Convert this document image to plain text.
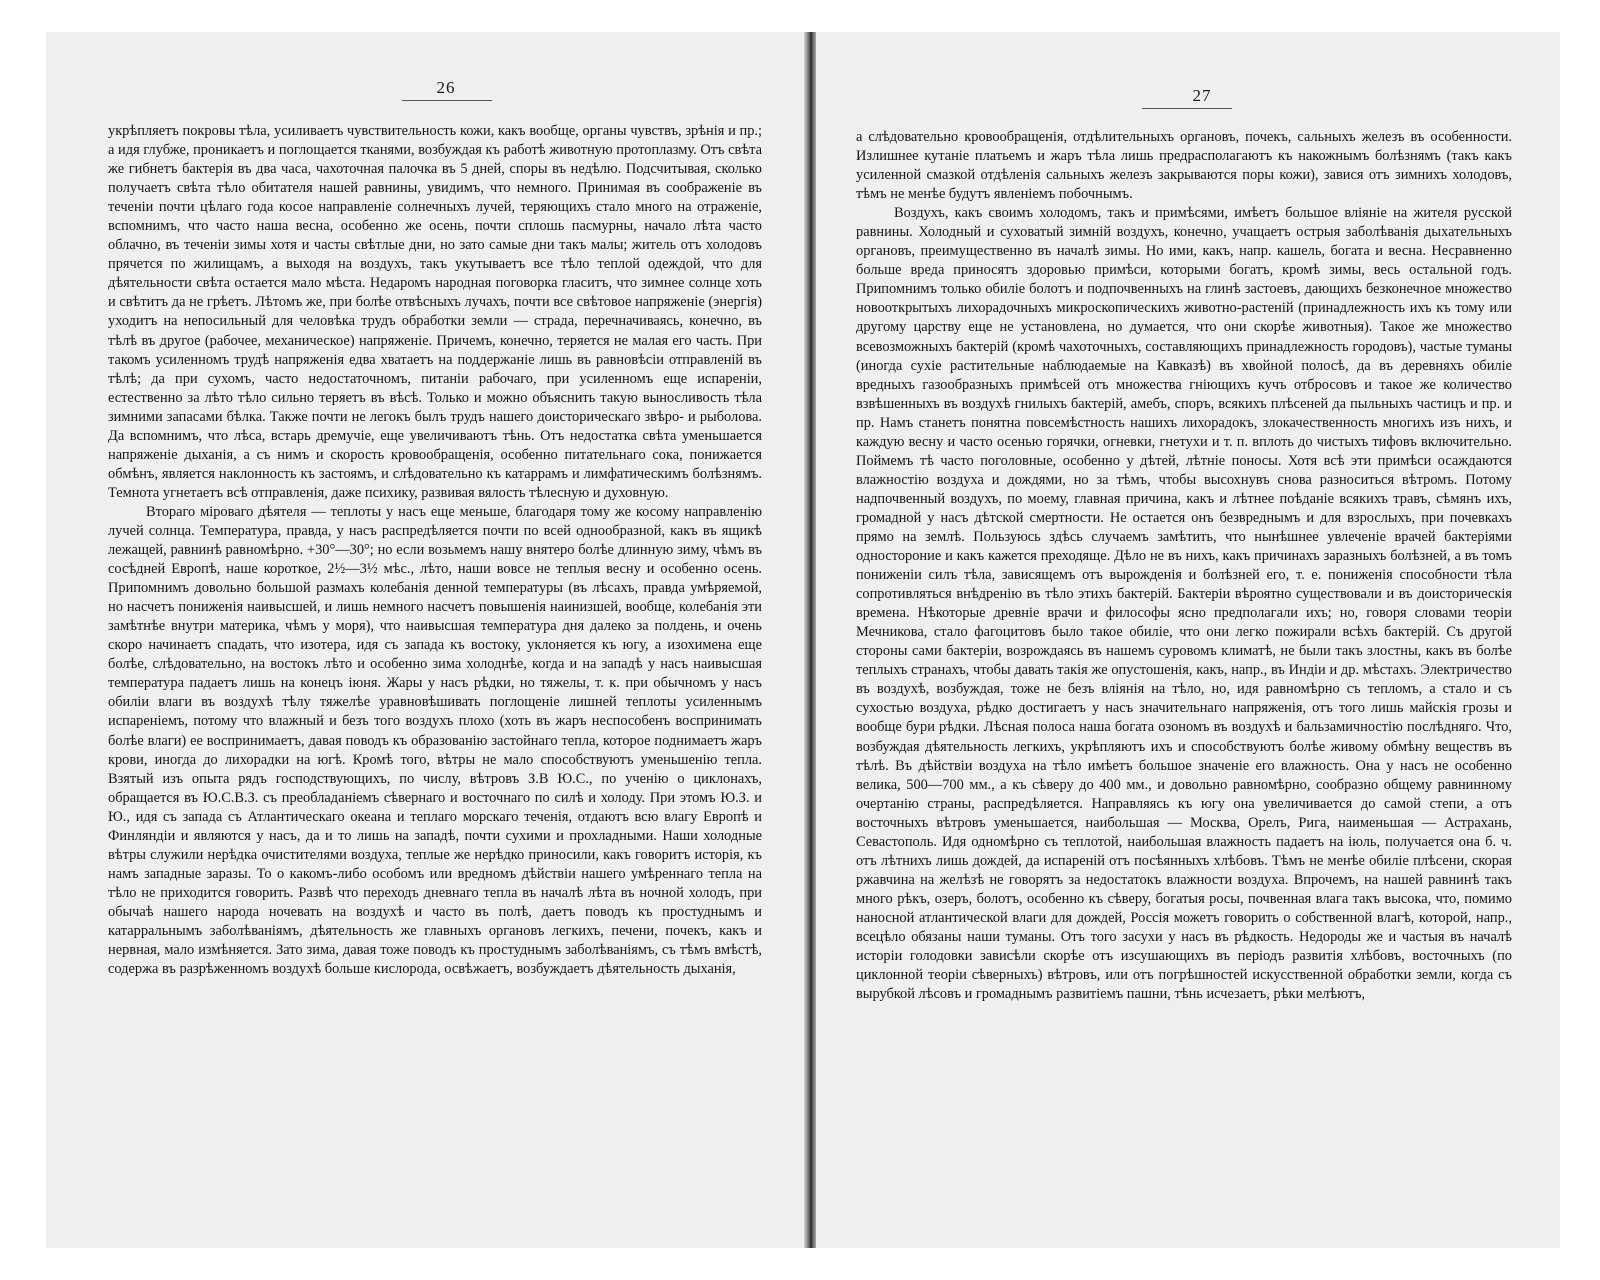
26

укрѣпляетъ покровы тѣла, усиливаетъ чувствительность кожи, какъ вообще, органы чувствъ, зрѣнія и пр.; а идя глубже, проникаетъ и поглощается тканями, возбуждая къ работѣ животную протоплазму. Отъ свѣта же гибнетъ бактерія въ два часа, чахоточная палочка въ 5 дней, споры въ недѣлю. Подсчитывая, сколько получаетъ свѣта тѣло обитателя нашей равнины, увидимъ, что немного. Принимая въ соображеніе въ теченіи почти цѣлаго года косое направленіе солнечныхъ лучей, теряющихъ стало много на отраженіе, вспомнимъ, что часто наша весна, особенно же осень, почти сплошь пасмурны, начало лѣта часто облачно, въ теченіи зимы хотя и часты свѣтлые дни, но зато самые дни такъ малы; житель отъ холодовъ прячется по жилищамъ, а выходя на воздухъ, такъ укутываетъ все тѣло теплой одеждой, что для дѣятельности свѣта остается мало мѣста. Недаромъ народная поговорка гласитъ, что зимнее солнце хоть и свѣтитъ да не грѣетъ. Лѣтомъ же, при болѣе отвѣсныхъ лучахъ, почти все свѣтовое напряженіе (энергія) уходитъ на непосильный для человѣка трудъ обработки земли — страда, перечначиваясь, конечно, въ тѣлѣ въ другое (рабочее, механическое) напряженіе. Причемъ, конечно, теряется не малая его часть. При такомъ усиленномъ трудѣ напряженія едва хватаетъ на поддержаніе лишь въ равновѣсіи отправленій въ тѣлѣ; да при сухомъ, часто недостаточномъ, питаніи рабочаго, при усиленномъ еще испареніи, естественно за лѣто тѣло сильно теряетъ въ вѣсѣ. Только и можно объяснить такую выносливость тѣла зимними запасами бѣлка. Также почти не легокъ былъ трудъ нашего доисторическаго звѣро- и рыболова. Да вспомнимъ, что лѣса, встарь дремучіе, еще увеличиваютъ тѣнь. Отъ недостатка свѣта уменьшается напряженіе дыханія, а съ нимъ и скорость кровообращенія, особенно питательнаго сока, понижается обмѣнъ, является наклонность къ застоямъ, и слѣдовательно къ катаррамъ и лимфатическимъ болѣзнямъ. Темнота угнетаетъ всѣ отправленія, даже психику, развивая вялость тѣлесную и духовную.

Втораго міроваго дѣятеля — теплоты у насъ еще меньше, благодаря тому же косому направленію лучей солнца. Температура, правда, у насъ распредѣляется почти по всей однообразной, какъ въ ящикѣ лежащей, равнинѣ равномѣрно. +30°—30°; но если возьмемъ нашу внятеро болѣе длинную зиму, чѣмъ въ сосѣдней Европѣ, наше короткое, 2½—3½ мѣс., лѣто, наши вовсе не теплыя весну и особенно осень. Припомнимъ довольно большой размахъ колебанія денной температуры (въ лѣсахъ, правда умѣряемой, но насчетъ пониженія наивысшей, и лишь немного насчетъ повышенія наинизшей, вообще, колебанія эти замѣтнѣе внутри материка, чѣмъ у моря), что наивысшая температура дня далеко за полдень, и очень скоро начинаетъ спадать, что изотера, идя съ запада къ востоку, уклоняется къ югу, а изохимена еще болѣе, слѣдовательно, на востокъ лѣто и особенно зима холоднѣе, когда и на западѣ у насъ наивысшая температура падаетъ лишь на конецъ іюня. Жары у насъ рѣдки, но тяжелы, т. к. при обычномъ у насъ обиліи влаги въ воздухѣ тѣлу тяжелѣе уравновѣшивать поглощеніе лишней теплоты усиленнымъ испареніемъ, потому что влажный и безъ того воздухъ плохо (хоть въ жаръ неспособенъ воспринимать болѣе влаги) ее воспринимаетъ, давая поводъ къ образованію застойнаго тепла, которое поднимаетъ жаръ крови, иногда до лихорадки на югѣ. Кромѣ того, вѣтры не мало способствуютъ уменьшенію тепла. Взятый изъ опыта рядъ господствующихъ, по числу, вѣтровъ З.В Ю.С., по ученію о циклонахъ, обращается въ Ю.С.В.З. съ преобладаніемъ сѣвернаго и восточнаго по силѣ и холоду. При этомъ Ю.З. и Ю., идя съ запада съ Атлантическаго океана и теплаго морскаго теченія, отдаютъ всю влагу Европѣ и Финляндіи и являются у насъ, да и то лишь на западѣ, почти сухими и прохладными. Наши холодные вѣтры служили нерѣдка очистителями воздуха, теплые же нерѣдко приносили, какъ говоритъ исторія, къ намъ западные заразы. То о какомъ-либо особомъ или вредномъ дѣйствіи нашего умѣреннаго тепла на тѣло не приходится говорить. Развѣ что переходъ дневнаго тепла въ началѣ лѣта въ ночной холодъ, при обычаѣ нашего народа ночевать на воздухѣ и часто въ полѣ, даетъ поводъ къ простуднымъ и катарральнымъ заболѣваніямъ, дѣятельность же главныхъ органовъ легкихъ, печени, почекъ, какъ и нервная, мало измѣняется. Зато зима, давая тоже поводъ къ простуднымъ заболѣваніямъ, съ тѣмъ вмѣстѣ, содержа въ разрѣженномъ воздухѣ больше кислорода, освѣжаетъ, возбуждаетъ дѣятельность дыханія,

27

а слѣдовательно кровообращенія, отдѣлительныхъ органовъ, почекъ, сальныхъ железъ въ особенности. Излишнее кутаніе платьемъ и жаръ тѣла лишь предрасполагаютъ къ накожнымъ болѣзнямъ (такъ какъ усиленной смазкой отдѣленія сальныхъ железъ закрываются поры кожи), завися отъ зимнихъ холодовъ, тѣмъ не менѣе будутъ явленіемъ побочнымъ.

Воздухъ, какъ своимъ холодомъ, такъ и примѣсями, имѣетъ большое вліяніе на жителя русской равнины. Холодный и суховатый зимній воздухъ, конечно, учащаетъ острыя заболѣванія дыхательныхъ органовъ, преимущественно въ началѣ зимы. Но ими, какъ, напр. кашель, богата и весна. Несравненно больше вреда приносятъ здоровью примѣси, которыми богатъ, кромѣ зимы, весь остальной годъ. Припомнимъ только обиліе болотъ и подпочвенныхъ на глинѣ застоевъ, дающихъ безконечное множество новооткрытыхъ лихорадочныхъ микроскопическихъ животно-растеній (принадлежность ихъ къ тому или другому царству еще не установлена, но думается, что они скорѣе животныя). Такое же множество всевозможныхъ бактерій (кромѣ чахоточныхъ, составляющихъ принадлежность городовъ), частые туманы (иногда сухіе растительные наблюдаемые на Кавказѣ) въ хвойной полосѣ, да въ деревняхъ обиліе вредныхъ газообразныхъ примѣсей отъ множества гніющихъ кучъ отбросовъ и такое же количество взвѣшенныхъ въ воздухѣ гнилыхъ бактерій, амебъ, споръ, всякихъ плѣсеней да пыльныхъ частицъ и пр. и пр. Намъ станетъ понятна повсемѣстность нашихъ лихорадокъ, злокачественность многихъ изъ нихъ, и каждую весну и часто осенью горячки, огневки, гнетухи и т. п. вплоть до чистыхъ тифовъ включительно. Поймемъ тѣ часто поголовные, особенно у дѣтей, лѣтніе поносы. Хотя всѣ эти примѣси осаждаются влажностію воздуха и дождями, но за тѣмъ, чтобы высохнувъ снова разноситься вѣтромъ. Потому надпочвенный воздухъ, по моему, главная причина, какъ и лѣтнее поѣданіе всякихъ травъ, сѣмянъ ихъ, громадной у насъ дѣтской смертности. Не остается онъ безвреднымъ и для взрослыхъ, при почевкахъ прямо на землѣ. Пользуюсь здѣсь случаемъ замѣтить, что нынѣшнее увлеченіе врачей бактеріями одностороние и какъ кажется преходяще. Дѣло не въ нихъ, какъ причинахъ заразныхъ болѣзней, а въ томъ пониженіи силъ тѣла, зависящемъ отъ вырожденія и болѣзней его, т. е. пониженія способности тѣла сопротивляться внѣдренію въ тѣло этихъ бактерій. Бактеріи вѣроятно существовали и въ доисторическія времена. Нѣкоторые древніе врачи и философы ясно предполагали ихъ; но, говоря словами теоріи Мечникова, стало фагоцитовъ было такое обиліе, что они легко пожирали всѣхъ бактерій. Съ другой стороны сами бактеріи, возрождаясь въ нашемъ суровомъ климатѣ, не были такъ злостны, какъ въ болѣе теплыхъ странахъ, чтобы давать такія же опустошенія, какъ, напр., въ Индіи и др. мѣстахъ. Электричество въ воздухѣ, возбуждая, тоже не безъ вліянія на тѣло, но, идя равномѣрно съ тепломъ, а стало и съ сухостью воздуха, рѣдко достигаетъ у насъ значительнаго напряженія, отъ того лишь майскія грозы и вообще бури рѣдки. Лѣсная полоса наша богата озономъ въ воздухѣ и бальзамичностію послѣдняго. Что, возбуждая дѣятельность легкихъ, укрѣпляютъ ихъ и способствуютъ болѣе живому обмѣну веществъ въ тѣлѣ. Въ дѣйствіи воздуха на тѣло имѣетъ большое значеніе его влажность. Она у насъ не особенно велика, 500—700 мм., а къ сѣверу до 400 мм., и довольно равномѣрно, сообразно общему равнинному очертанію страны, распредѣляется. Направляясь къ югу она увеличивается до самой степи, а отъ восточныхъ вѣтровъ уменьшается, наибольшая — Москва, Орелъ, Рига, наименьшая — Астрахань, Севастополь. Идя одномѣрно съ теплотой, наибольшая влажность падаетъ на іюль, получается она б. ч. отъ лѣтнихъ лишь дождей, да испареній отъ посѣянныхъ хлѣбовъ. Тѣмъ не менѣе обиліе плѣсени, скорая ржавчина на желѣзѣ не говорятъ за недостатокъ влажности воздуха. Впрочемъ, на нашей равнинѣ такъ много рѣкъ, озеръ, болотъ, особенно къ сѣверу, богатыя росы, почвенная влага такъ высока, что, помимо наносной атлантической влаги для дождей, Россія можетъ говорить о собственной влагѣ, которой, напр., всецѣло обязаны наши туманы. Отъ того засухи у насъ въ рѣдкость. Недороды же и частыя въ началѣ исторіи голодовки зависѣли скорѣе отъ изсушающихъ въ періодъ развитія хлѣбовъ, восточныхъ (по циклонной теоріи сѣверныхъ) вѣтровъ, или отъ погрѣшностей искусственной обработки земли, когда съ вырубкой лѣсовъ и громаднымъ развитіемъ пашни, тѣнь исчезаетъ, рѣки мелѣютъ,
